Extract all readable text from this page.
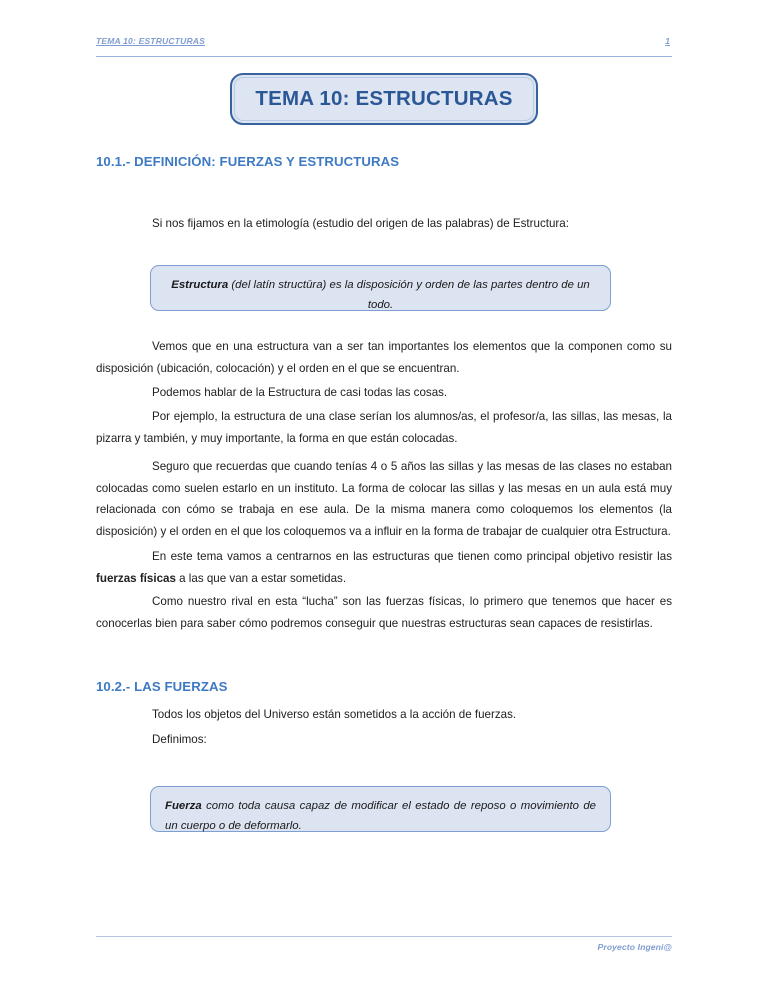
TEMA 10: ESTRUCTURAS	1
TEMA 10: ESTRUCTURAS
10.1.- DEFINICIÓN: FUERZAS Y ESTRUCTURAS
Si nos fijamos en la etimología (estudio del origen de las palabras) de Estructura:
Estructura (del latín structūra) es la disposición y orden de las partes dentro de un todo.
Vemos que en una estructura van a ser tan importantes los elementos que la componen como su disposición (ubicación, colocación) y el orden en el que se encuentran.
Podemos hablar de la Estructura de casi todas las cosas.
Por ejemplo, la estructura de una clase serían los alumnos/as, el profesor/a, las sillas, las mesas, la pizarra y también, y muy importante, la forma en que están colocadas.
Seguro que recuerdas que cuando tenías 4 o 5 años las sillas y las mesas de las clases no estaban colocadas como suelen estarlo en un instituto. La forma de colocar las sillas y las mesas en un aula está muy relacionada con cómo se trabaja en ese aula. De la misma manera como coloquemos los elementos (la disposición) y el orden en el que los coloquemos va a influir en la forma de trabajar de cualquier otra Estructura.
En este tema vamos a centrarnos en las estructuras que tienen como principal objetivo resistir las fuerzas físicas a las que van a estar sometidas.
Como nuestro rival en esta “lucha” son las fuerzas físicas, lo primero que tenemos que hacer es conocerlas bien para saber cómo podremos conseguir que nuestras estructuras sean capaces de resistirlas.
10.2.- LAS FUERZAS
Todos los objetos del Universo están sometidos a la acción de fuerzas.
Definimos:
Fuerza como toda causa capaz de modificar el estado de reposo o movimiento de un cuerpo o de deformarlo.
Proyecto Ingeni@
